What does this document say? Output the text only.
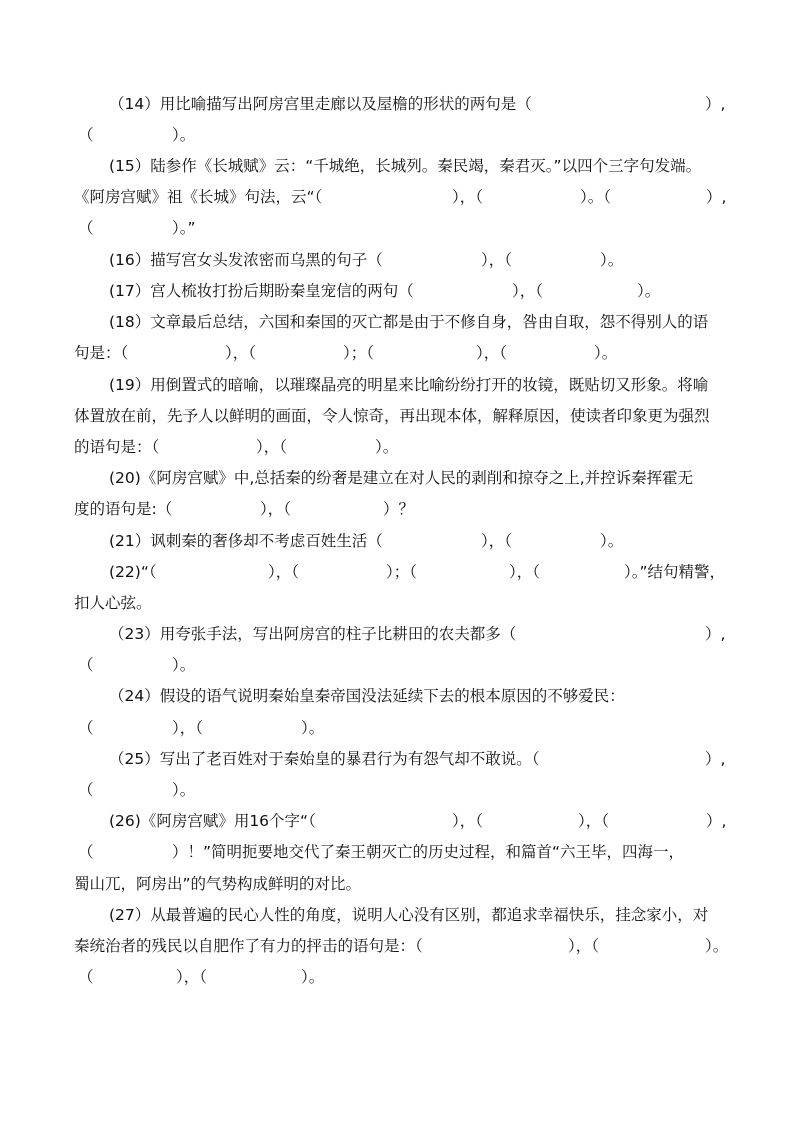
（14）用比喻描写出阿房宫里走廊以及屋檐的形状的两句是（	）,
（	）。
(15）陆参作《长城赋》云：“千城绝，长城列。秦民竭，秦君灭。”以四个三字句发端。
《阿房宫赋》祖《长城》句法，云“（	），（	）。（	）,
（	）。”
(16）描写宫女头发浓密而乌黑的句子（	），（	）。
(17）宫人梳妆打扮后期盼秦皇宠信的两句（	），（	）。
(18）文章最后总结，六国和秦国的灭亡都是由于不修自身，咎由自取，怨不得别人的语
句是：（	），（	）；（	），（	）。
(19）用倒置式的暗喻，以璀璨晶亮的明星来比喻纷纷打开的妆镜，既贴切又形象。将喻
体置放在前，先予人以鲜明的画面，令人惊奇，再出现本体，解释原因，使读者印象更为强烈
的语句是：（	），（	）。
(20)《阿房宫赋》中,总括秦的纷奢是建立在对人民的剥削和掠夺之上,并控诉秦挥霍无
度的语句是:（	），（	）？
(21）讽刺秦的奢侈却不考虑百姓生活（	），（	）。
(22)“（	），（	）；（	），（	）。”结句精警，
扣人心弦。
（23）用夸张手法，写出阿房宫的柱子比耕田的农夫都多（	）,
（	）。
（24）假设的语气说明秦始皇秦帝国没法延续下去的根本原因的不够爱民：
（	），（	）。
（25）写出了老百姓对于秦始皇的暴君行为有怨气却不敢说。（	）,
（	）。
(26)《阿房宫赋》用16个字“（	），（	），（	）,
（	）！”简明扼要地交代了秦王朝灭亡的历史过程，和篇首“六王毕，四海一，
蜀山兀，阿房出”的气势构成鲜明的对比。
(27）从最普遍的民心人性的角度，说明人心没有区别，都追求幸福快乐，挂念家小，对
秦统治者的残民以自肥作了有力的抨击的语句是：（	），（	）。
（	），（	）。
